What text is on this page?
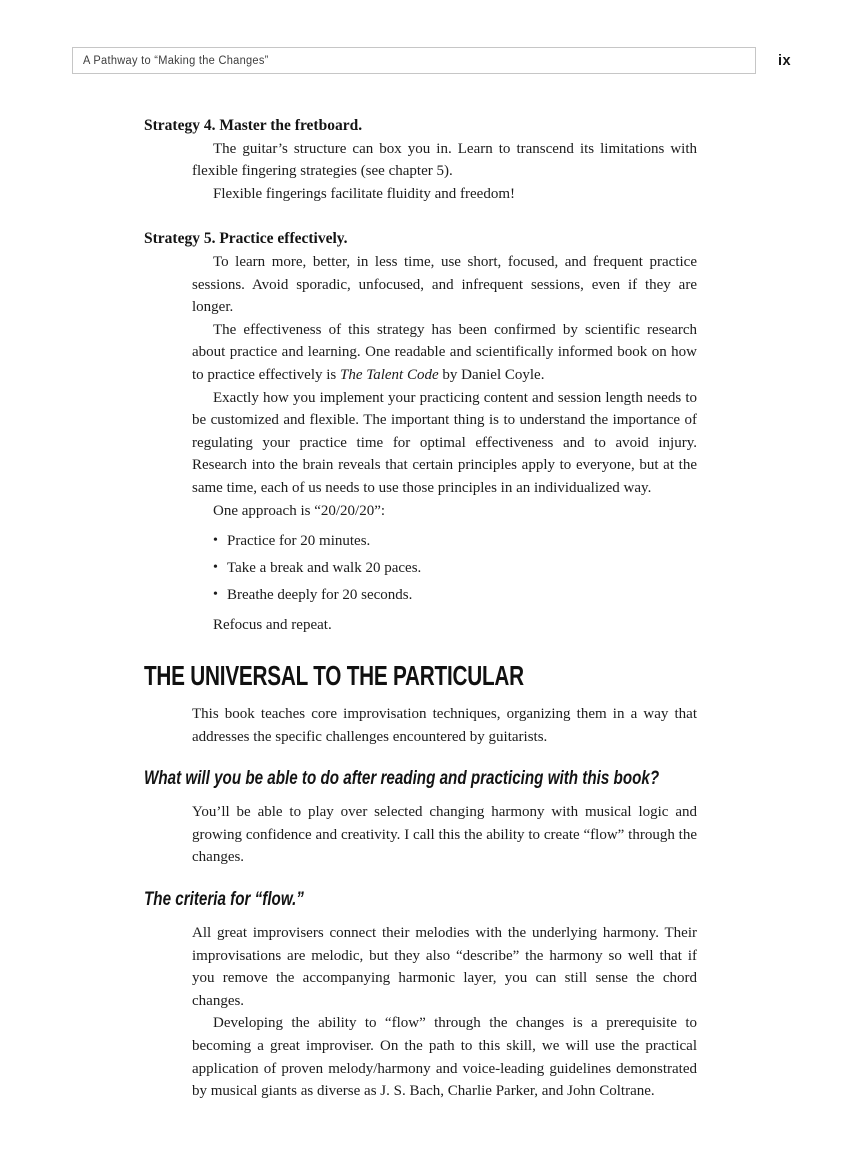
A Pathway to “Making the Changes”	ix

Strategy 4. Master the fretboard.

The guitar’s structure can box you in. Learn to transcend its limitations with flexible fingering strategies (see chapter 5).

Flexible fingerings facilitate fluidity and freedom!

Strategy 5. Practice effectively.

To learn more, better, in less time, use short, focused, and frequent practice sessions. Avoid sporadic, unfocused, and infrequent sessions, even if they are longer.

The effectiveness of this strategy has been confirmed by scientific research about practice and learning. One readable and scientifically informed book on how to practice effectively is The Talent Code by Daniel Coyle.

Exactly how you implement your practicing content and session length needs to be customized and flexible. The important thing is to understand the importance of regulating your practice time for optimal effectiveness and to avoid injury. Research into the brain reveals that certain principles apply to everyone, but at the same time, each of us needs to use those principles in an individualized way.

One approach is “20/20/20”:

• Practice for 20 minutes.
• Take a break and walk 20 paces.
• Breathe deeply for 20 seconds.

Refocus and repeat.

THE UNIVERSAL TO THE PARTICULAR

This book teaches core improvisation techniques, organizing them in a way that addresses the specific challenges encountered by guitarists.

What will you be able to do after reading and practicing with this book?

You’ll be able to play over selected changing harmony with musical logic and growing confidence and creativity. I call this the ability to create “flow” through the changes.

The criteria for “flow.”

All great improvisers connect their melodies with the underlying harmony. Their improvisations are melodic, but they also “describe” the harmony so well that if you remove the accompanying harmonic layer, you can still sense the chord changes.

Developing the ability to “flow” through the changes is a prerequisite to becoming a great improviser. On the path to this skill, we will use the practical application of proven melody/harmony and voice-leading guidelines demonstrated by musical giants as diverse as J. S. Bach, Charlie Parker, and John Coltrane.
